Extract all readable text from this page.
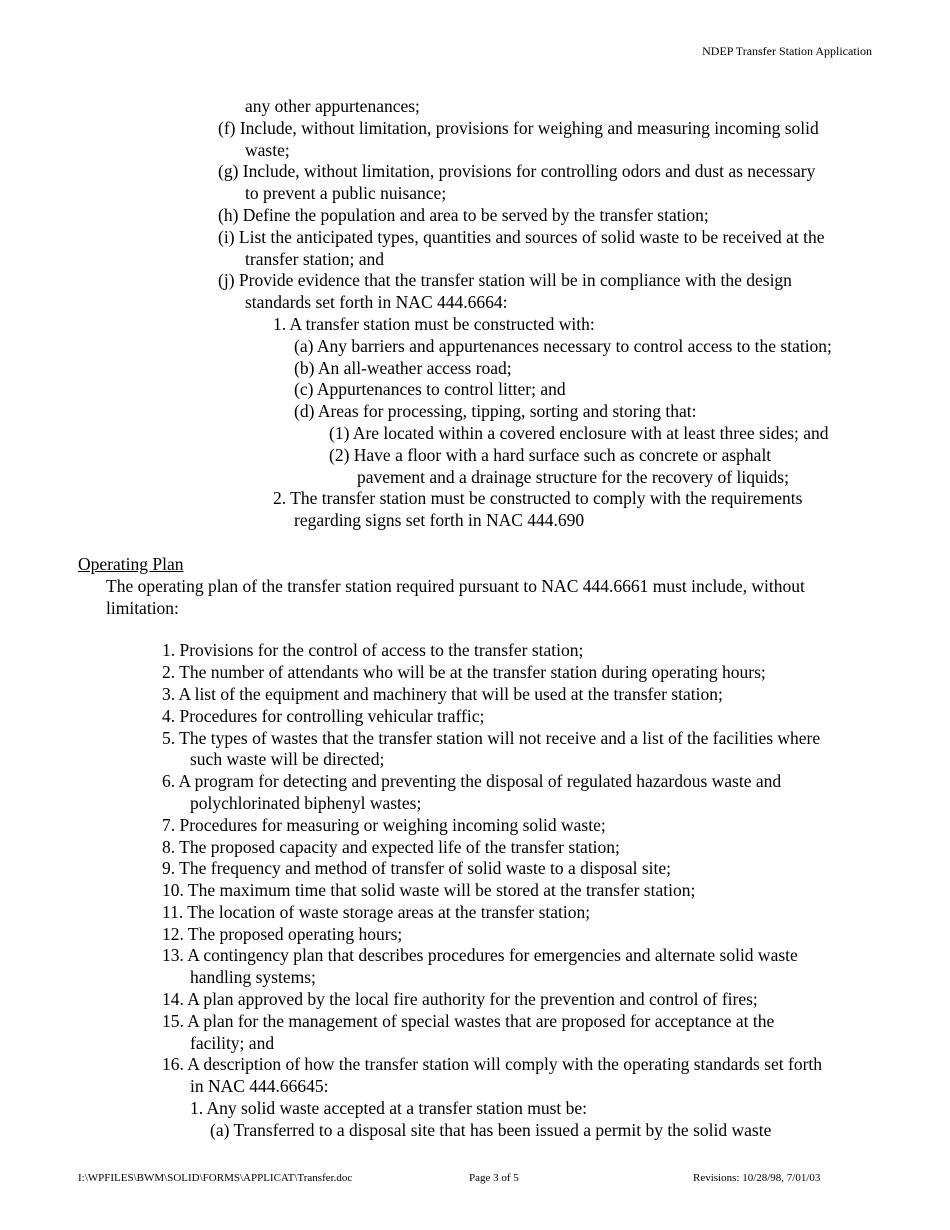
NDEP Transfer Station Application
any other appurtenances;
(f) Include, without limitation, provisions for weighing and measuring incoming solid
waste;
(g) Include, without limitation, provisions for controlling odors and dust as necessary
to prevent a public nuisance;
(h) Define the population and area to be served by the transfer station;
(i) List the anticipated types, quantities and sources of solid waste to be received at the
transfer station; and
(j) Provide evidence that the transfer station will be in compliance with the design
standards set forth in NAC 444.6664:
1. A transfer station must be constructed with:
(a) Any barriers and appurtenances necessary to control access to the station;
(b) An all-weather access road;
(c) Appurtenances to control litter; and
(d) Areas for processing, tipping, sorting and storing that:
(1) Are located within a covered enclosure with at least three sides; and
(2) Have a floor with a hard surface such as concrete or asphalt
pavement and a drainage structure for the recovery of liquids;
2. The transfer station must be constructed to comply with the requirements
regarding signs set forth in NAC 444.690
Operating Plan
The operating plan of the transfer station required pursuant to NAC 444.6661 must include, without
limitation:
1. Provisions for the control of access to the transfer station;
2. The number of attendants who will be at the transfer station during operating hours;
3. A list of the equipment and machinery that will be used at the transfer station;
4. Procedures for controlling vehicular traffic;
5. The types of wastes that the transfer station will not receive and a list of the facilities where
such waste will be directed;
6. A program for detecting and preventing the disposal of regulated hazardous waste and
polychlorinated biphenyl wastes;
7. Procedures for measuring or weighing incoming solid waste;
8. The proposed capacity and expected life of the transfer station;
9. The frequency and method of transfer of solid waste to a disposal site;
10. The maximum time that solid waste will be stored at the transfer station;
11. The location of waste storage areas at the transfer station;
12. The proposed operating hours;
13. A contingency plan that describes procedures for emergencies and alternate solid waste
handling systems;
14. A plan approved by the local fire authority for the prevention and control of fires;
15. A plan for the management of special wastes that are proposed for acceptance at the
facility; and
16. A description of how the transfer station will comply with the operating standards set forth
in NAC 444.66645:
1. Any solid waste accepted at a transfer station must be:
(a) Transferred to a disposal site that has been issued a permit by the solid waste
I:\WPFILES\BWM\SOLID\FORMS\APPLICAT\Transfer.doc	Page 3 of 5	Revisions: 10/28/98, 7/01/03
